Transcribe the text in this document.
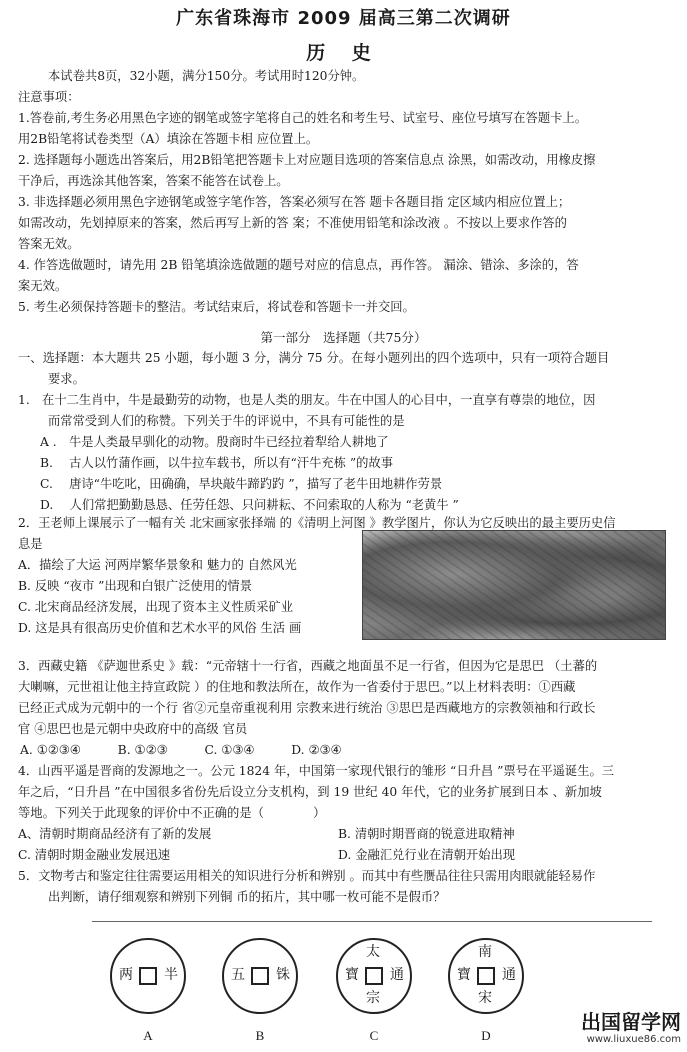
广东省珠海市 2009 届高三第二次调研
历 史
本试卷共8页，32小题，满分150分。考试用时120分钟。
注意事项：
1.答卷前,考生务必用黑色字迹的钢笔或签字笔将自己的姓名和考生号、试室号、座位号填写在答题卡上。
用2B铅笔将试卷类型（A）填涂在答题卡相 应位置上。
2. 选择题每小题选出答案后，用2B铅笔把答题卡上对应题目选项的答案信息点 涂黑，如需改动，用橡皮擦
干净后，再选涂其他答案，答案不能答在试卷上。
3. 非选择题必须用黑色字迹钢笔或签字笔作答，答案必须写在答 题卡各题目指 定区域内相应位置上；
如需改动，先划掉原来的答案，然后再写上新的答 案；不准使用铅笔和涂改液 。不按以上要求作答的
答案无效。
4. 作答选做题时，请先用 2B 铅笔填涂选做题的题号对应的信息点，再作答。 漏涂、错涂、多涂的，答
案无效。
5. 考生必须保持答题卡的整洁。考试结束后，将试卷和答题卡一并交回。
第一部分　选择题（共75分）
一、选择题：本大题共 25 小题，每小题 3 分，满分 75 分。在每小题列出的四个选项中，只有一项符合题目
要求。
1.　在十二生肖中，牛是最勤劳的动物，也是人类的朋友。牛在中国人的心目中，一直享有尊崇的地位，因
而常常受到人们的称赞。下列关于牛的评说中，不具有可能性的是
A .　牛是人类最早驯化的动物。殷商时牛已经拉着犁给人耕地了
B.　 古人以竹蒲作画，以牛拉车载书，所以有“汗牛充栋 ”的故事
C.　 唐诗“牛吃叱，田确确，旱块敲牛蹄趵趵 ”，描写了老牛田地耕作劳景
D.　 人们常把勤勤恳恳、任劳任怨、只问耕耘、不问索取的人称为 “老黄牛 ”
2．王老师上课展示了一幅有关 北宋画家张择端 的《清明上河图 》教学图片，你认为它反映出的最主要历史信
息是
A．描绘了大运 河两岸繁华景象和 魅力的 自然风光
B. 反映 “夜市 ”出现和白银广泛使用的情景
C. 北宋商品经济发展，出现了资本主义性质采矿业
D. 这是具有很高历史价值和艺术水平的风俗 生活 画
3．西藏史籍 《萨迦世系史 》载：“元帝辖十一行省，西藏之地面虽不足一行省，但因为它是思巴 （土蕃的
大喇嘛，元世祖让他主持宣政院 ）的住地和教法所在，故作为一省委付于思巴。”以上材料表明：①西藏
已经正式成为元朝中的一个行 省②元皇帝重视利用 宗教来进行统治 ③思巴是西藏地方的宗教领袖和行政长
官 ④思巴也是元朝中央政府中的高级 官员
A. ①②③④　　　B. ①②③　　　C. ①③④　　　D. ②③④
4．山西平遥是晋商的发源地之一。公元 1824 年，中国第一家现代银行的雏形 “日升昌 ”票号在平遥诞生。三
年之后，“日升昌 ”在中国很多省份先后设立分支机构，到 19 世纪 40 年代，它的业务扩展到日本 、新加坡
等地。下列关于此现象的评价中不正确的是（　　　　）
A、清朝时期商品经济有了新的发展	B. 清朝时期晋商的锐意进取精神
C. 清朝时期金融业发展迅速	D. 金融汇兑行业在清朝开始出现
5．文物考古和鉴定往往需要运用相关的知识进行分析和辨别 。而其中有些赝品往往只需用肉眼就能轻易作
出判断，请仔细观察和辨别下列铜 币的拓片，其中哪一枚可能不是假币？
两 半	五 铢
太
寶 通
宗
南
寶 通
宋
A	B	C	D
出国留学网
www.liuxue86.com
